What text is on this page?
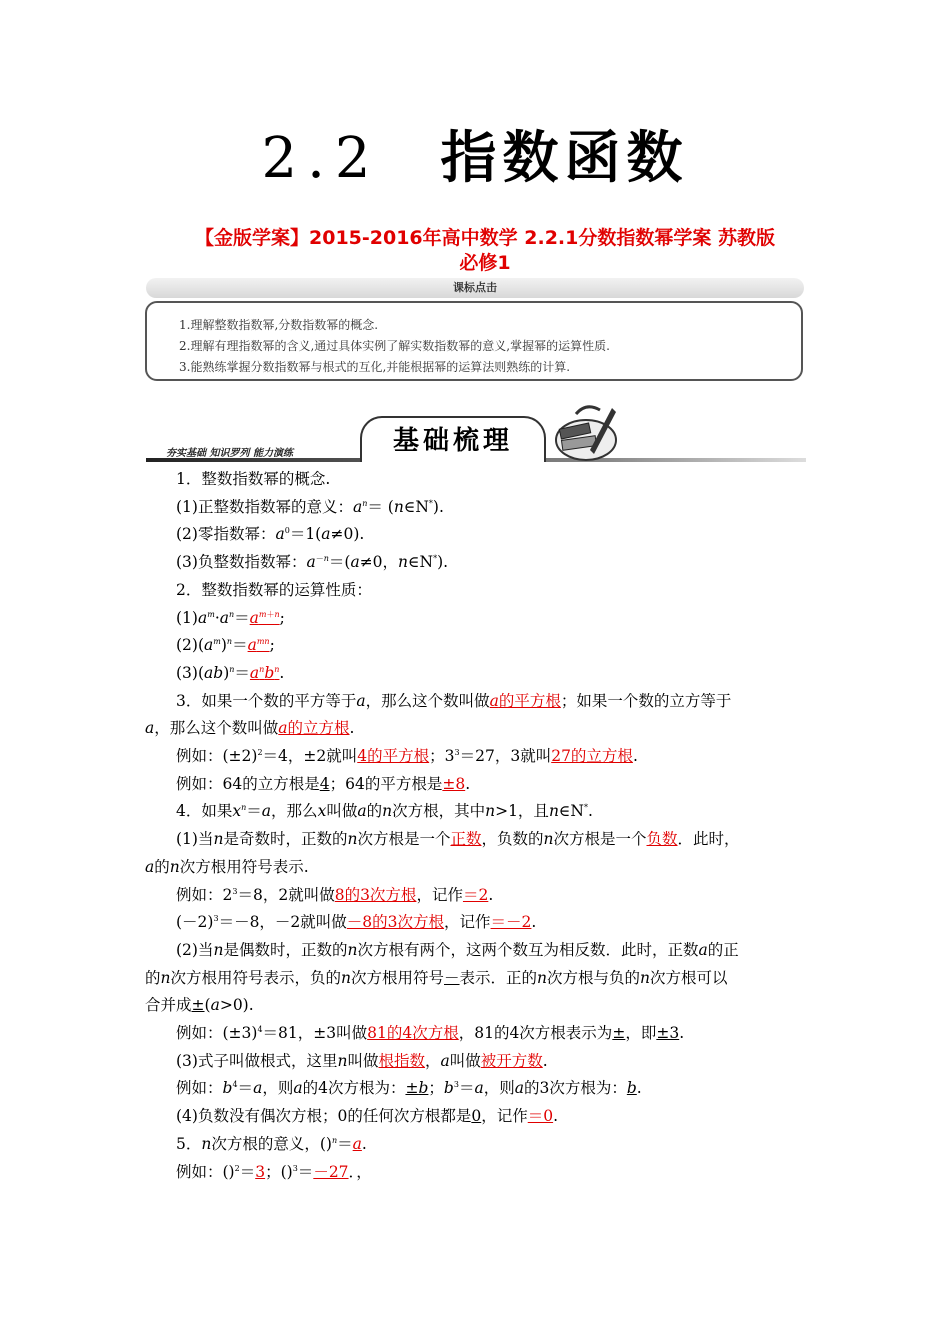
2.2 指数函数
【金版学案】2015-2016年高中数学 2.2.1分数指数幂学案 苏教版
必修1
课标点击
1.理解整数指数幂,分数指数幂的概念.
2.理解有理指数幂的含义,通过具体实例了解实数指数幂的意义,掌握幂的运算性质.
3.能熟练掌握分数指数幂与根式的互化,并能根据幂的运算法则熟练的计算.
夯实基础 知识罗列 能力演练	基础梳理

1．整数指数幂的概念.

(1)正整数指数幂的意义：$a^n=$ (n∈N*).

(2)零指数幂：$a^0=1(a\ne 0)$.

(3)负整数指数幂：$a^{-n}=(a\ne 0$，n∈N*).

2．整数指数幂的运算性质：

$(1)a^m\cdot a^n=a^{m+n}$;

$(2)(a^m)^n=a^{mn}$;

$(3)(ab)^n=a^nb^n$.

3．如果一个数的平方等于a，那么这个数叫做a的平方根；如果一个数的立方等于

a，那么这个数叫做a的立方根.

例如：$(\pm 2)^2=4$，±2就叫4的平方根；$3^3=27$，3就叫27的立方根.

例如：64的立方根是4；64的平方根是±8.

4．如果$x^n=a$，那么x叫做a的n次方根，其中n>1，且n∈N*.

(1)当n是奇数时，正数的n次方根是一个正数，负数的n次方根是一个负数．此时，

a的n次方根用符号表示.

例如：$2^3=8$，2就叫做8的3次方根，记作＝2.

$(-2)^3=-8$，－2就叫做－8的3次方根，记作＝－2.

(2)当n是偶数时，正数的n次方根有两个，这两个数互为相反数．此时，正数a的正

的n次方根用符号表示，负的n次方根用符号－表示．正的n次方根与负的n次方根可以

合并成±(a>0).

例如：$(\pm 3)^4=81$，±3叫做81的4次方根，81的4次方根表示为±，即±3.

(3)式子叫做根式，这里n叫做根指数，a叫做被开方数.

例如：$b^4=a$，则a的4次方根为：±b；$b^3=a$，则a的3次方根为：b.

(4)负数没有偶次方根；0的任何次方根都是0，记作＝0.

5．n次方根的意义，()$^n$＝a.

例如：()$^2$＝3；()$^3$＝－27．，
